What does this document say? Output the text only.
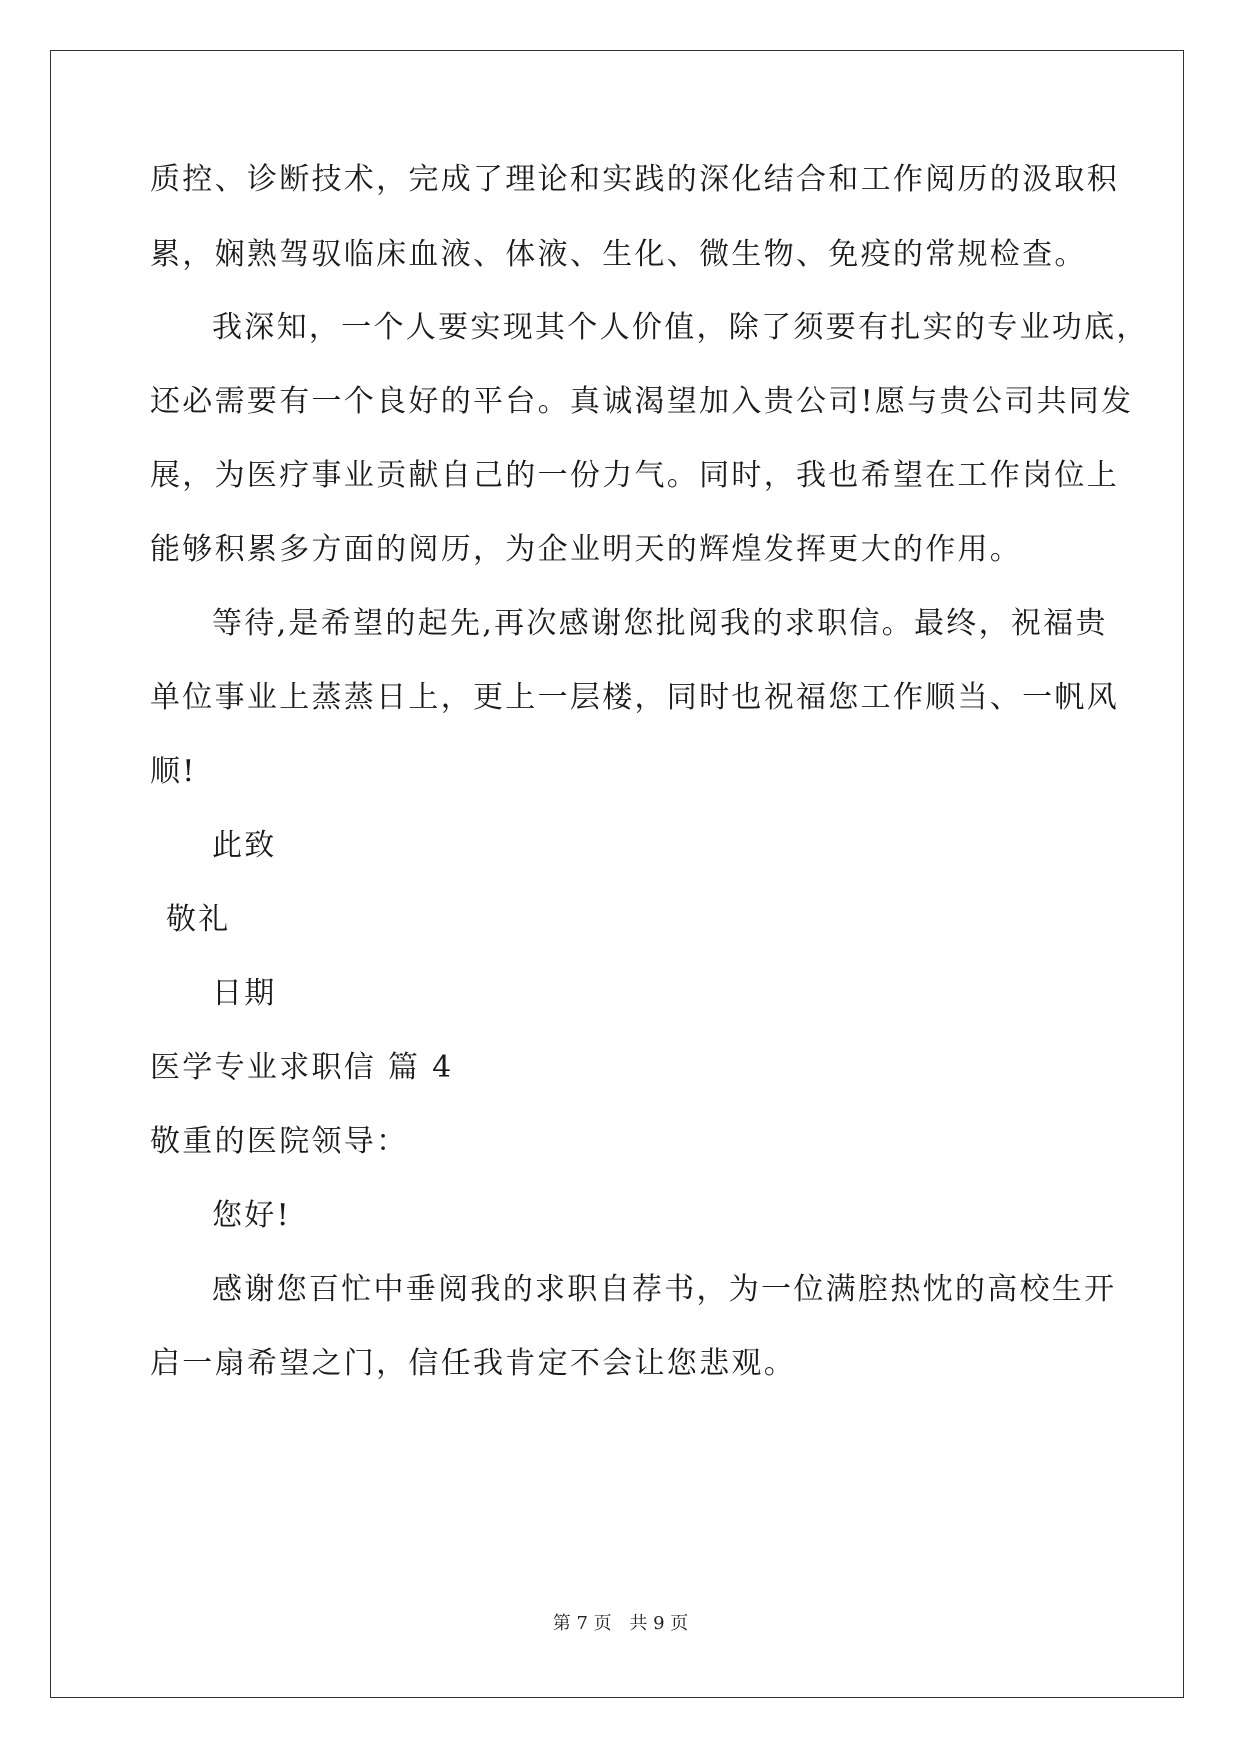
质控、诊断技术，完成了理论和实践的深化结合和工作阅历的汲取积
累，娴熟驾驭临床血液、体液、生化、微生物、免疫的常规检查。
我深知，一个人要实现其个人价值，除了须要有扎实的专业功底，
还必需要有一个良好的平台。真诚渴望加入贵公司!愿与贵公司共同发
展，为医疗事业贡献自己的一份力气。同时，我也希望在工作岗位上
能够积累多方面的阅历，为企业明天的辉煌发挥更大的作用。
等待,是希望的起先,再次感谢您批阅我的求职信。最终，祝福贵
单位事业上蒸蒸日上，更上一层楼，同时也祝福您工作顺当、一帆风
顺!
此致
敬礼
日期
医学专业求职信 篇 4
敬重的医院领导：
您好!
感谢您百忙中垂阅我的求职自荐书，为一位满腔热忱的高校生开
启一扇希望之门，信任我肯定不会让您悲观。
第 7 页 共 9 页
